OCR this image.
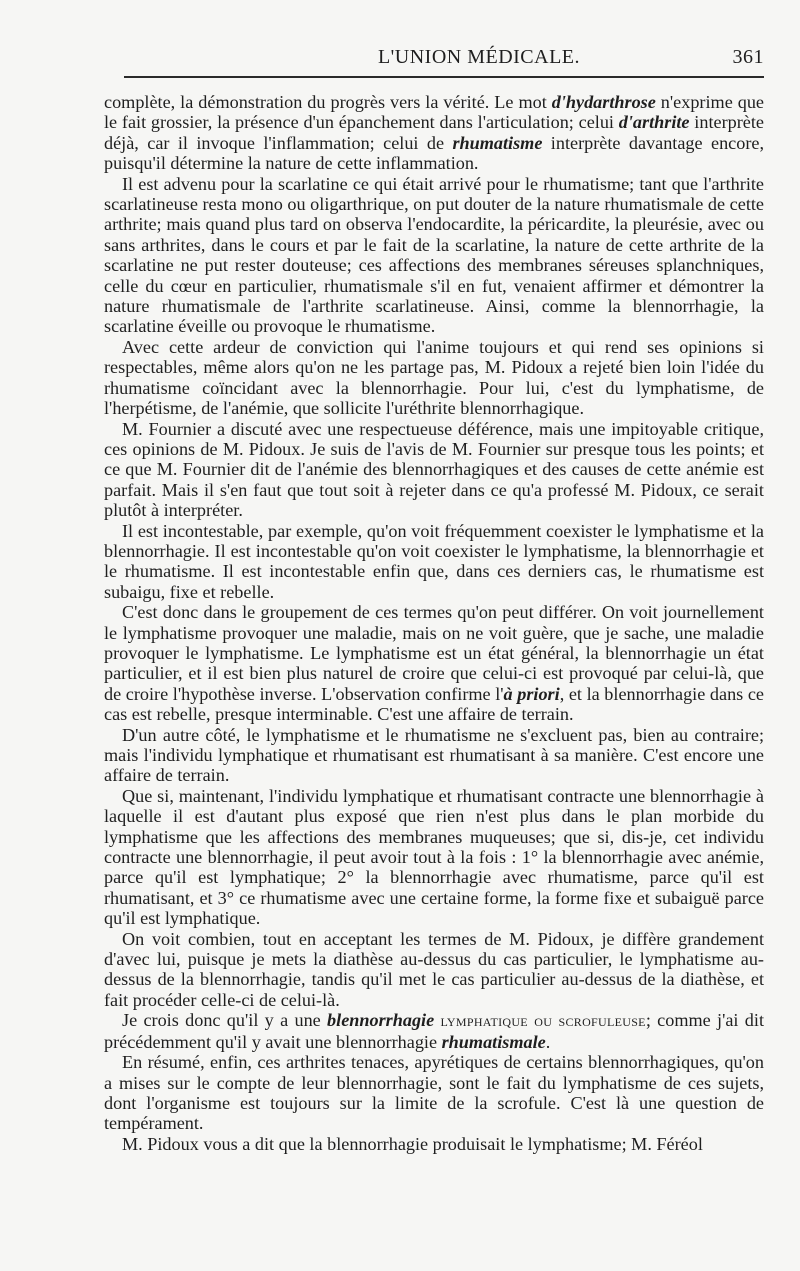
L'UNION MÉDICALE.	361

complète, la démonstration du progrès vers la vérité. Le mot d'hydarthrose n'exprime que le fait grossier, la présence d'un épanchement dans l'articulation; celui d'arthrite interprète déjà, car il invoque l'inflammation; celui de rhumatisme interprète davantage encore, puisqu'il détermine la nature de cette inflammation.

Il est advenu pour la scarlatine ce qui était arrivé pour le rhumatisme; tant que l'arthrite scarlatineuse resta mono ou oligarthrique, on put douter de la nature rhumatismale de cette arthrite; mais quand plus tard on observa l'endocardite, la péricardite, la pleurésie, avec ou sans arthrites, dans le cours et par le fait de la scarlatine, la nature de cette arthrite de la scarlatine ne put rester douteuse; ces affections des membranes séreuses splanchniques, celle du cœur en particulier, rhumatismale s'il en fut, venaient affirmer et démontrer la nature rhumatismale de l'arthrite scarlatineuse. Ainsi, comme la blennorrhagie, la scarlatine éveille ou provoque le rhumatisme.

Avec cette ardeur de conviction qui l'anime toujours et qui rend ses opinions si respectables, même alors qu'on ne les partage pas, M. Pidoux a rejeté bien loin l'idée du rhumatisme coïncidant avec la blennorrhagie. Pour lui, c'est du lymphatisme, de l'herpétisme, de l'anémie, que sollicite l'uréthrite blennorrhagique.

M. Fournier a discuté avec une respectueuse déférence, mais une impitoyable critique, ces opinions de M. Pidoux. Je suis de l'avis de M. Fournier sur presque tous les points; et ce que M. Fournier dit de l'anémie des blennorrhagiques et des causes de cette anémie est parfait. Mais il s'en faut que tout soit à rejeter dans ce qu'a professé M. Pidoux, ce serait plutôt à interpréter.

Il est incontestable, par exemple, qu'on voit fréquemment coexister le lymphatisme et la blennorrhagie. Il est incontestable qu'on voit coexister le lymphatisme, la blennorrhagie et le rhumatisme. Il est incontestable enfin que, dans ces derniers cas, le rhumatisme est subaigu, fixe et rebelle.

C'est donc dans le groupement de ces termes qu'on peut différer. On voit journellement le lymphatisme provoquer une maladie, mais on ne voit guère, que je sache, une maladie provoquer le lymphatisme. Le lymphatisme est un état général, la blennorrhagie un état particulier, et il est bien plus naturel de croire que celui-ci est provoqué par celui-là, que de croire l'hypothèse inverse. L'observation confirme l'à priori, et la blennorrhagie dans ce cas est rebelle, presque interminable. C'est une affaire de terrain.

D'un autre côté, le lymphatisme et le rhumatisme ne s'excluent pas, bien au contraire; mais l'individu lymphatique et rhumatisant est rhumatisant à sa manière. C'est encore une affaire de terrain.

Que si, maintenant, l'individu lymphatique et rhumatisant contracte une blennorrhagie à laquelle il est d'autant plus exposé que rien n'est plus dans le plan morbide du lymphatisme que les affections des membranes muqueuses; que si, dis-je, cet individu contracte une blennorrhagie, il peut avoir tout à la fois : 1° la blennorrhagie avec anémie, parce qu'il est lymphatique; 2° la blennorrhagie avec rhumatisme, parce qu'il est rhumatisant, et 3° ce rhumatisme avec une certaine forme, la forme fixe et subaiguë parce qu'il est lymphatique.

On voit combien, tout en acceptant les termes de M. Pidoux, je diffère grandement d'avec lui, puisque je mets la diathèse au-dessus du cas particulier, le lymphatisme au-dessus de la blennorrhagie, tandis qu'il met le cas particulier au-dessus de la diathèse, et fait procéder celle-ci de celui-là.

Je crois donc qu'il y a une blennorrhagie lymphatique ou scrofuleuse; comme j'ai dit précédemment qu'il y avait une blennorrhagie rhumatismale.

En résumé, enfin, ces arthrites tenaces, apyrétiques de certains blennorrhagiques, qu'on a mises sur le compte de leur blennorrhagie, sont le fait du lymphatisme de ces sujets, dont l'organisme est toujours sur la limite de la scrofule. C'est là une question de tempérament.

M. Pidoux vous a dit que la blennorrhagie produisait le lymphatisme; M. Féréol
